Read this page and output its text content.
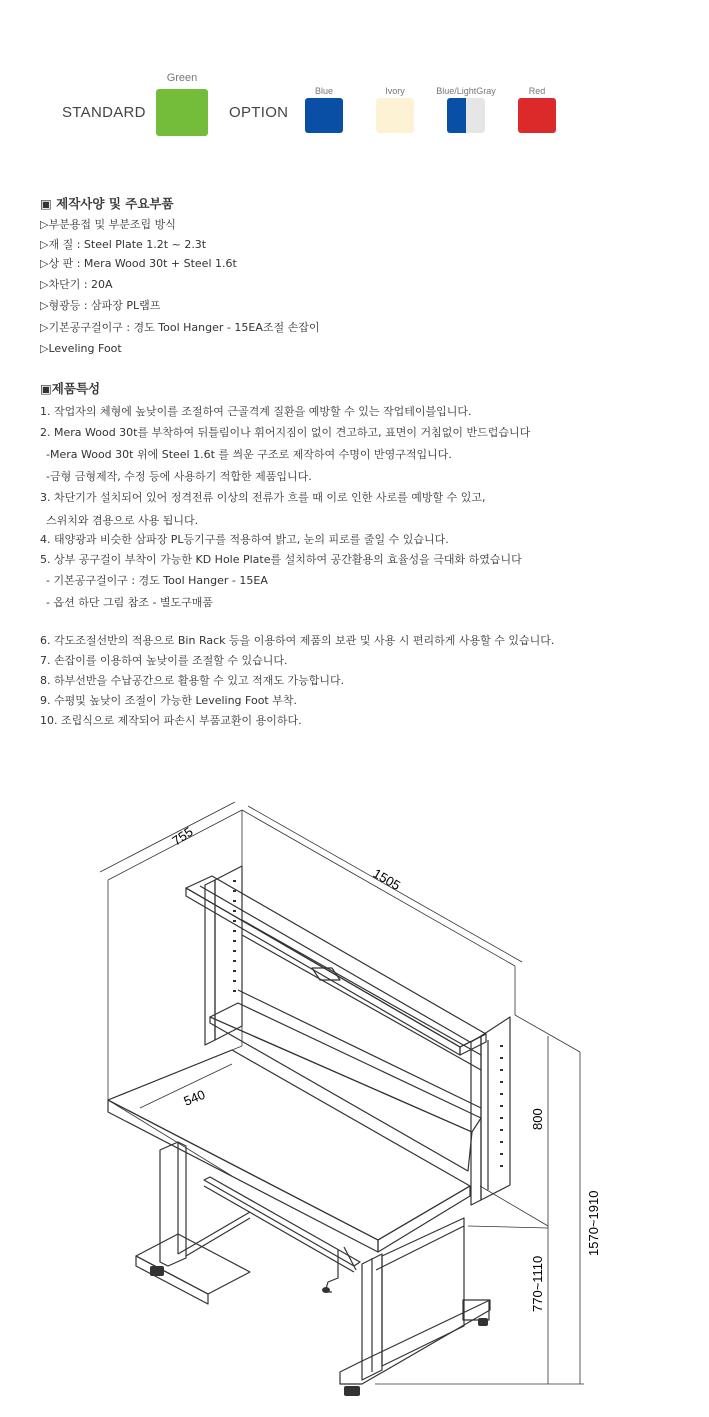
STANDARD
Green
OPTION
Blue	Ivory	Blue/LightGray	Red
▣ 제작사양 및 주요부품
▷부분용접 및 부분조립 방식
▷재 질 : Steel Plate 1.2t ~ 2.3t
▷상 판 : Mera Wood 30t + Steel 1.6t
▷차단기 : 20A
▷형광등 : 삼파장 PL램프
▷기본공구걸이구 : 경도 Tool Hanger - 15EA조절 손잡이
▷Leveling Foot
▣제품특성
1. 작업자의 체형에 높낮이를 조절하여 근골격계 질환을 예방할 수 있는 작업테이블입니다.
2. Mera Wood 30t를 부착하여 뒤틀림이나 휘어지짐이 없이 견고하고, 표면이 거침없이 반드럽습니다
-Mera Wood 30t 위에 Steel 1.6t 를 씌운 구조로 제작하여 수명이 반영구적입니다.
-금형 금형제작, 수정 등에 사용하기 적합한 제품입니다.
3. 차단기가 설치되어 있어 정격전류 이상의 전류가 흐를 때 이로 인한 사로를 예방할 수 있고,
스위치와 겸용으로 사용 됩니다.
4. 태양광과 비슷한 삼파장 PL등기구를 적용하여 밝고, 눈의 피로를 줄일 수 있습니다.
5. 상부 공구걸이 부착이 가능한 KD Hole Plate를 설치하여 공간활용의 효율성을 극대화 하였습니다
- 기본공구걸이구 : 경도 Tool Hanger - 15EA
- 옵션 하단 그림 참조 - 별도구매품
6. 각도조절선반의 적용으로 Bin Rack 등을 이용하여 제품의 보관 및 사용 시 편리하게 사용할 수 있습니다.
7. 손잡이를 이용하여 높낮이를 조절할 수 있습니다.
8. 하부선반을 수납공간으로 활용할 수 있고 적재도 가능합니다.
9. 수평및 높낮이 조절이 가능한 Leveling Foot 부착.
10. 조립식으로 제작되어 파손시 부품교환이 용이하다.
755
1505
540
800
770~1110
1570~1910
